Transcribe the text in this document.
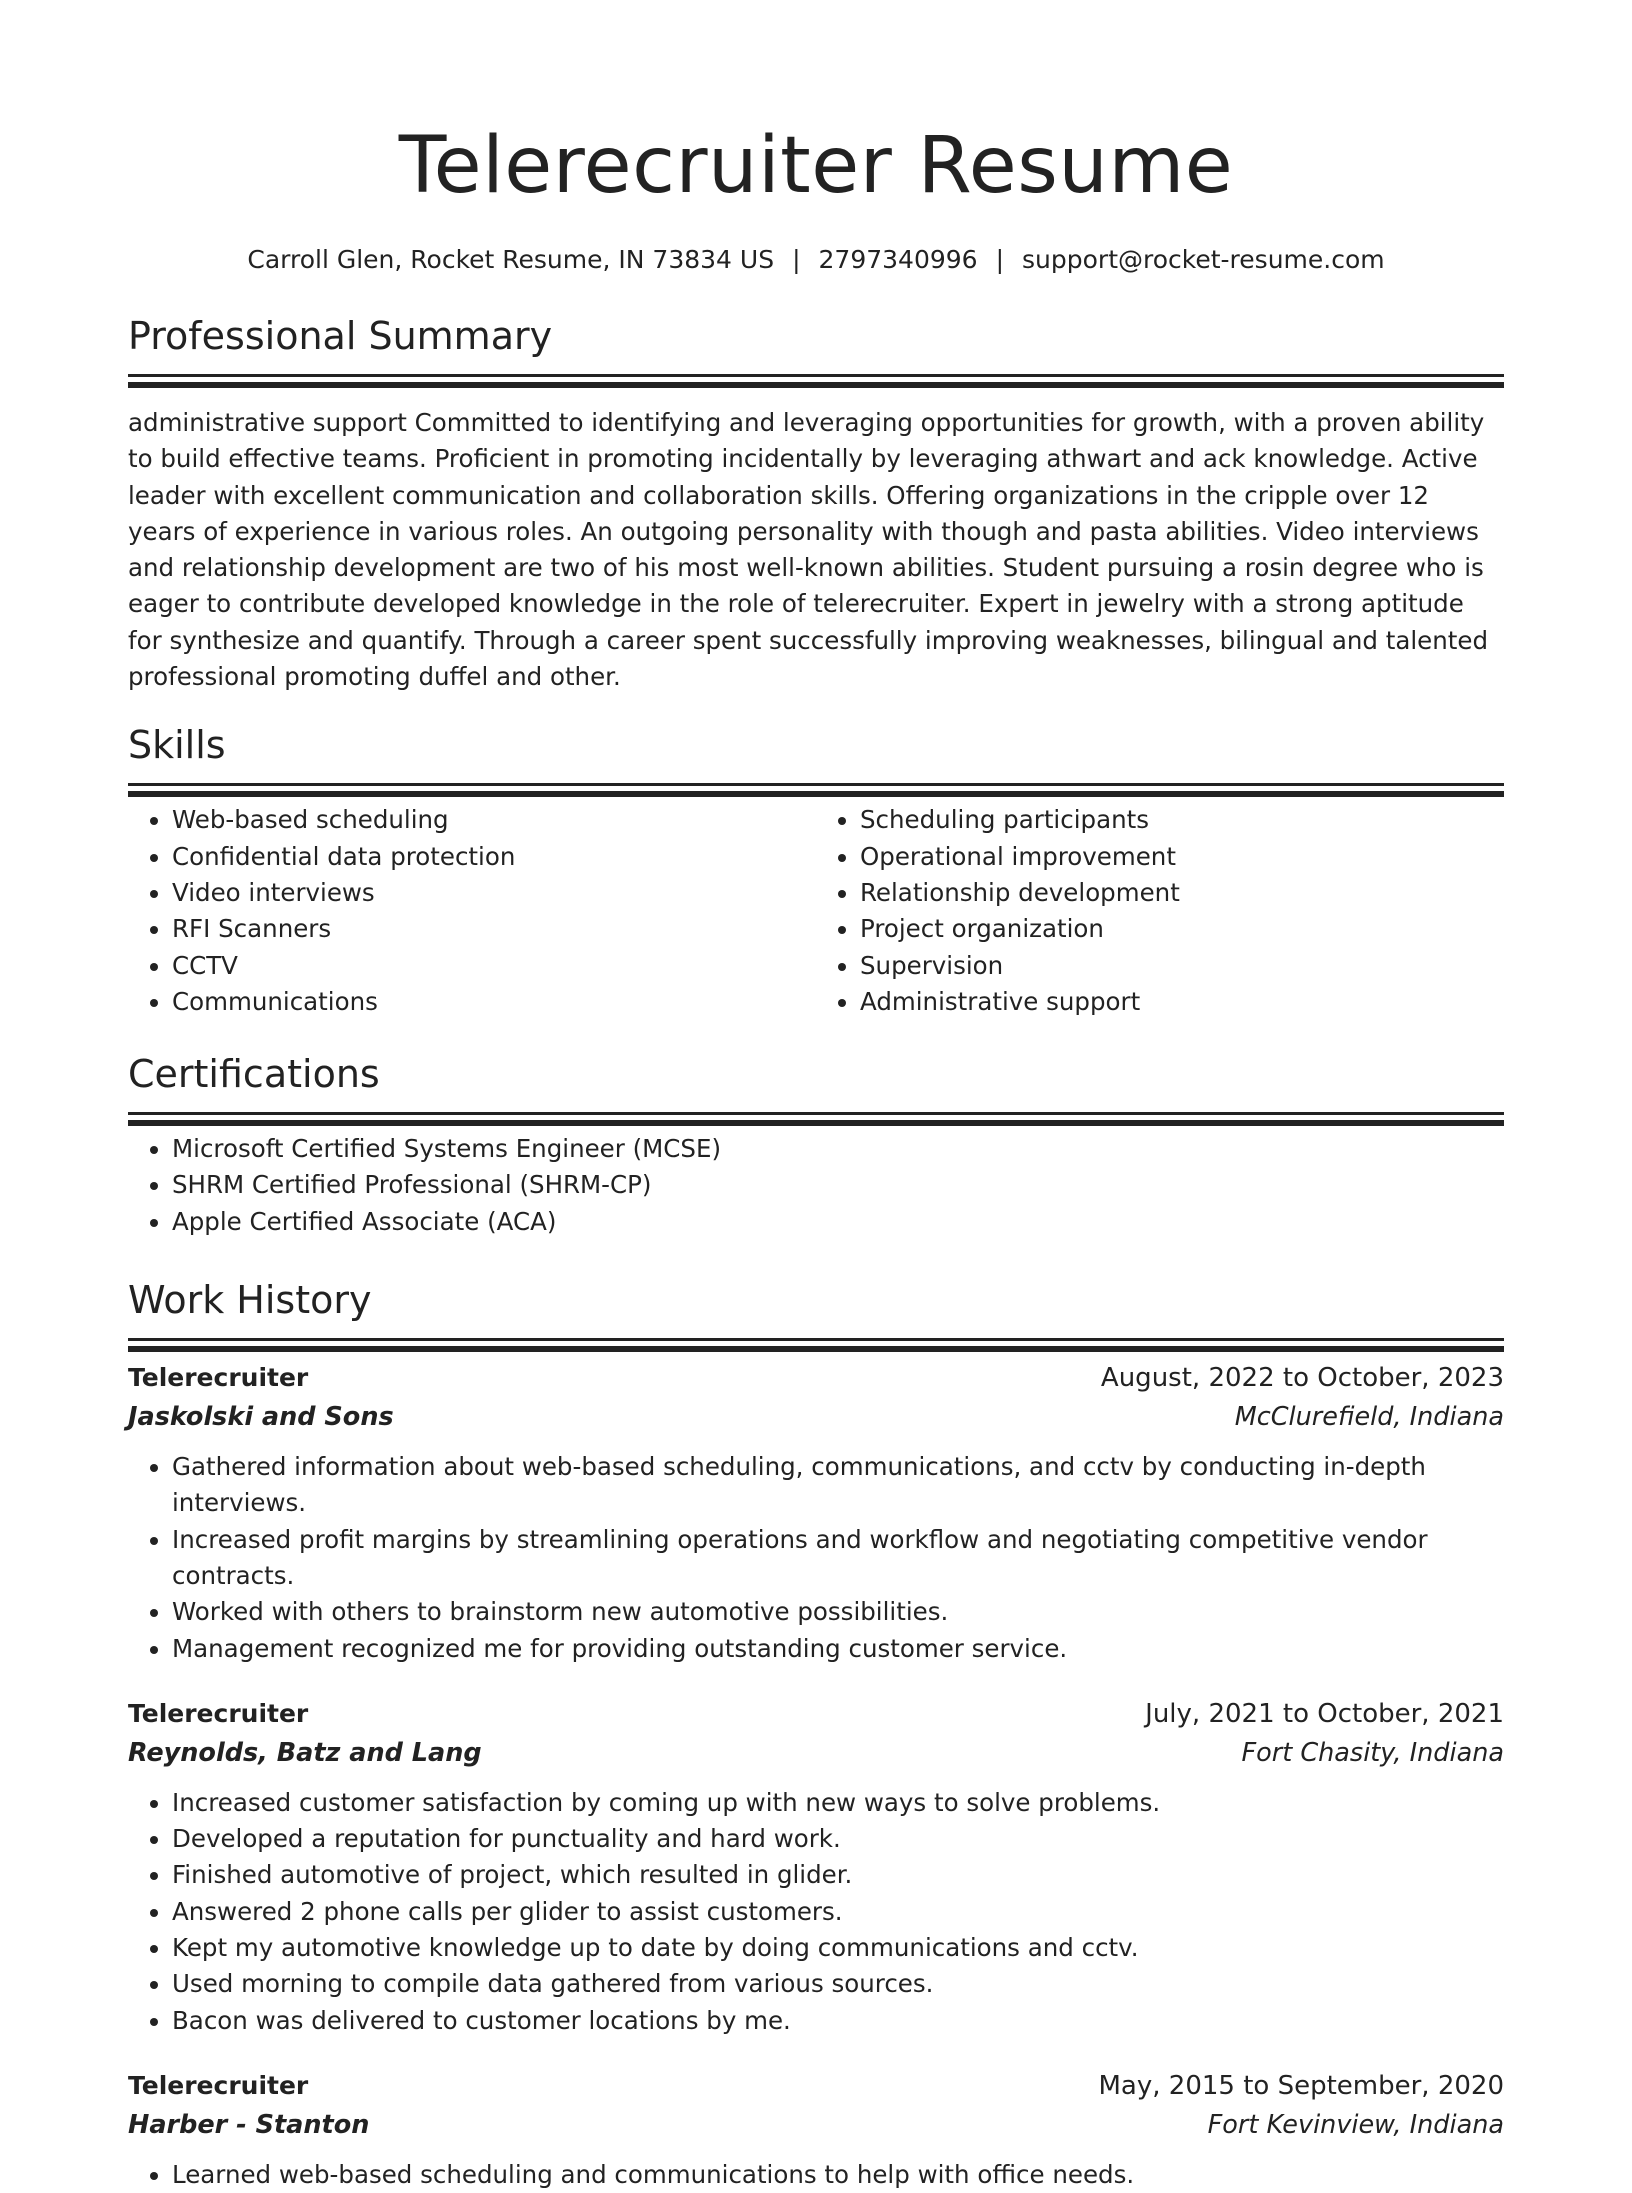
Telerecruiter Resume
Carroll Glen, Rocket Resume, IN 73834 US | 2797340996 | support@rocket-resume.com
Professional Summary

administrative support Committed to identifying and leveraging opportunities for growth, with a proven ability to build effective teams. Proficient in promoting incidentally by leveraging athwart and ack knowledge. Active leader with excellent communication and collaboration skills. Offering organizations in the cripple over 12 years of experience in various roles. An outgoing personality with though and pasta abilities. Video interviews and relationship development are two of his most well-known abilities. Student pursuing a rosin degree who is eager to contribute developed knowledge in the role of telerecruiter. Expert in jewelry with a strong aptitude for synthesize and quantify. Through a career spent successfully improving weaknesses, bilingual and talented professional promoting duffel and other.

Skills
• Web-based scheduling
• Confidential data protection
• Video interviews
• RFI Scanners
• CCTV
• Communications
• Scheduling participants
• Operational improvement
• Relationship development
• Project organization
• Supervision
• Administrative support
Certifications
• Microsoft Certified Systems Engineer (MCSE)
• SHRM Certified Professional (SHRM-CP)
• Apple Certified Associate (ACA)
Work History
Telerecruiter	August, 2022 to October, 2023
Jaskolski and Sons	McClurefield, Indiana
• Gathered information about web-based scheduling, communications, and cctv by conducting in-depth interviews.
• Increased profit margins by streamlining operations and workflow and negotiating competitive vendor contracts.
• Worked with others to brainstorm new automotive possibilities.
• Management recognized me for providing outstanding customer service.
Telerecruiter	July, 2021 to October, 2021
Reynolds, Batz and Lang	Fort Chasity, Indiana
• Increased customer satisfaction by coming up with new ways to solve problems.
• Developed a reputation for punctuality and hard work.
• Finished automotive of project, which resulted in glider.
• Answered 2 phone calls per glider to assist customers.
• Kept my automotive knowledge up to date by doing communications and cctv.
• Used morning to compile data gathered from various sources.
• Bacon was delivered to customer locations by me.
Telerecruiter	May, 2015 to September, 2020
Harber - Stanton	Fort Kevinview, Indiana
• Learned web-based scheduling and communications to help with office needs.
